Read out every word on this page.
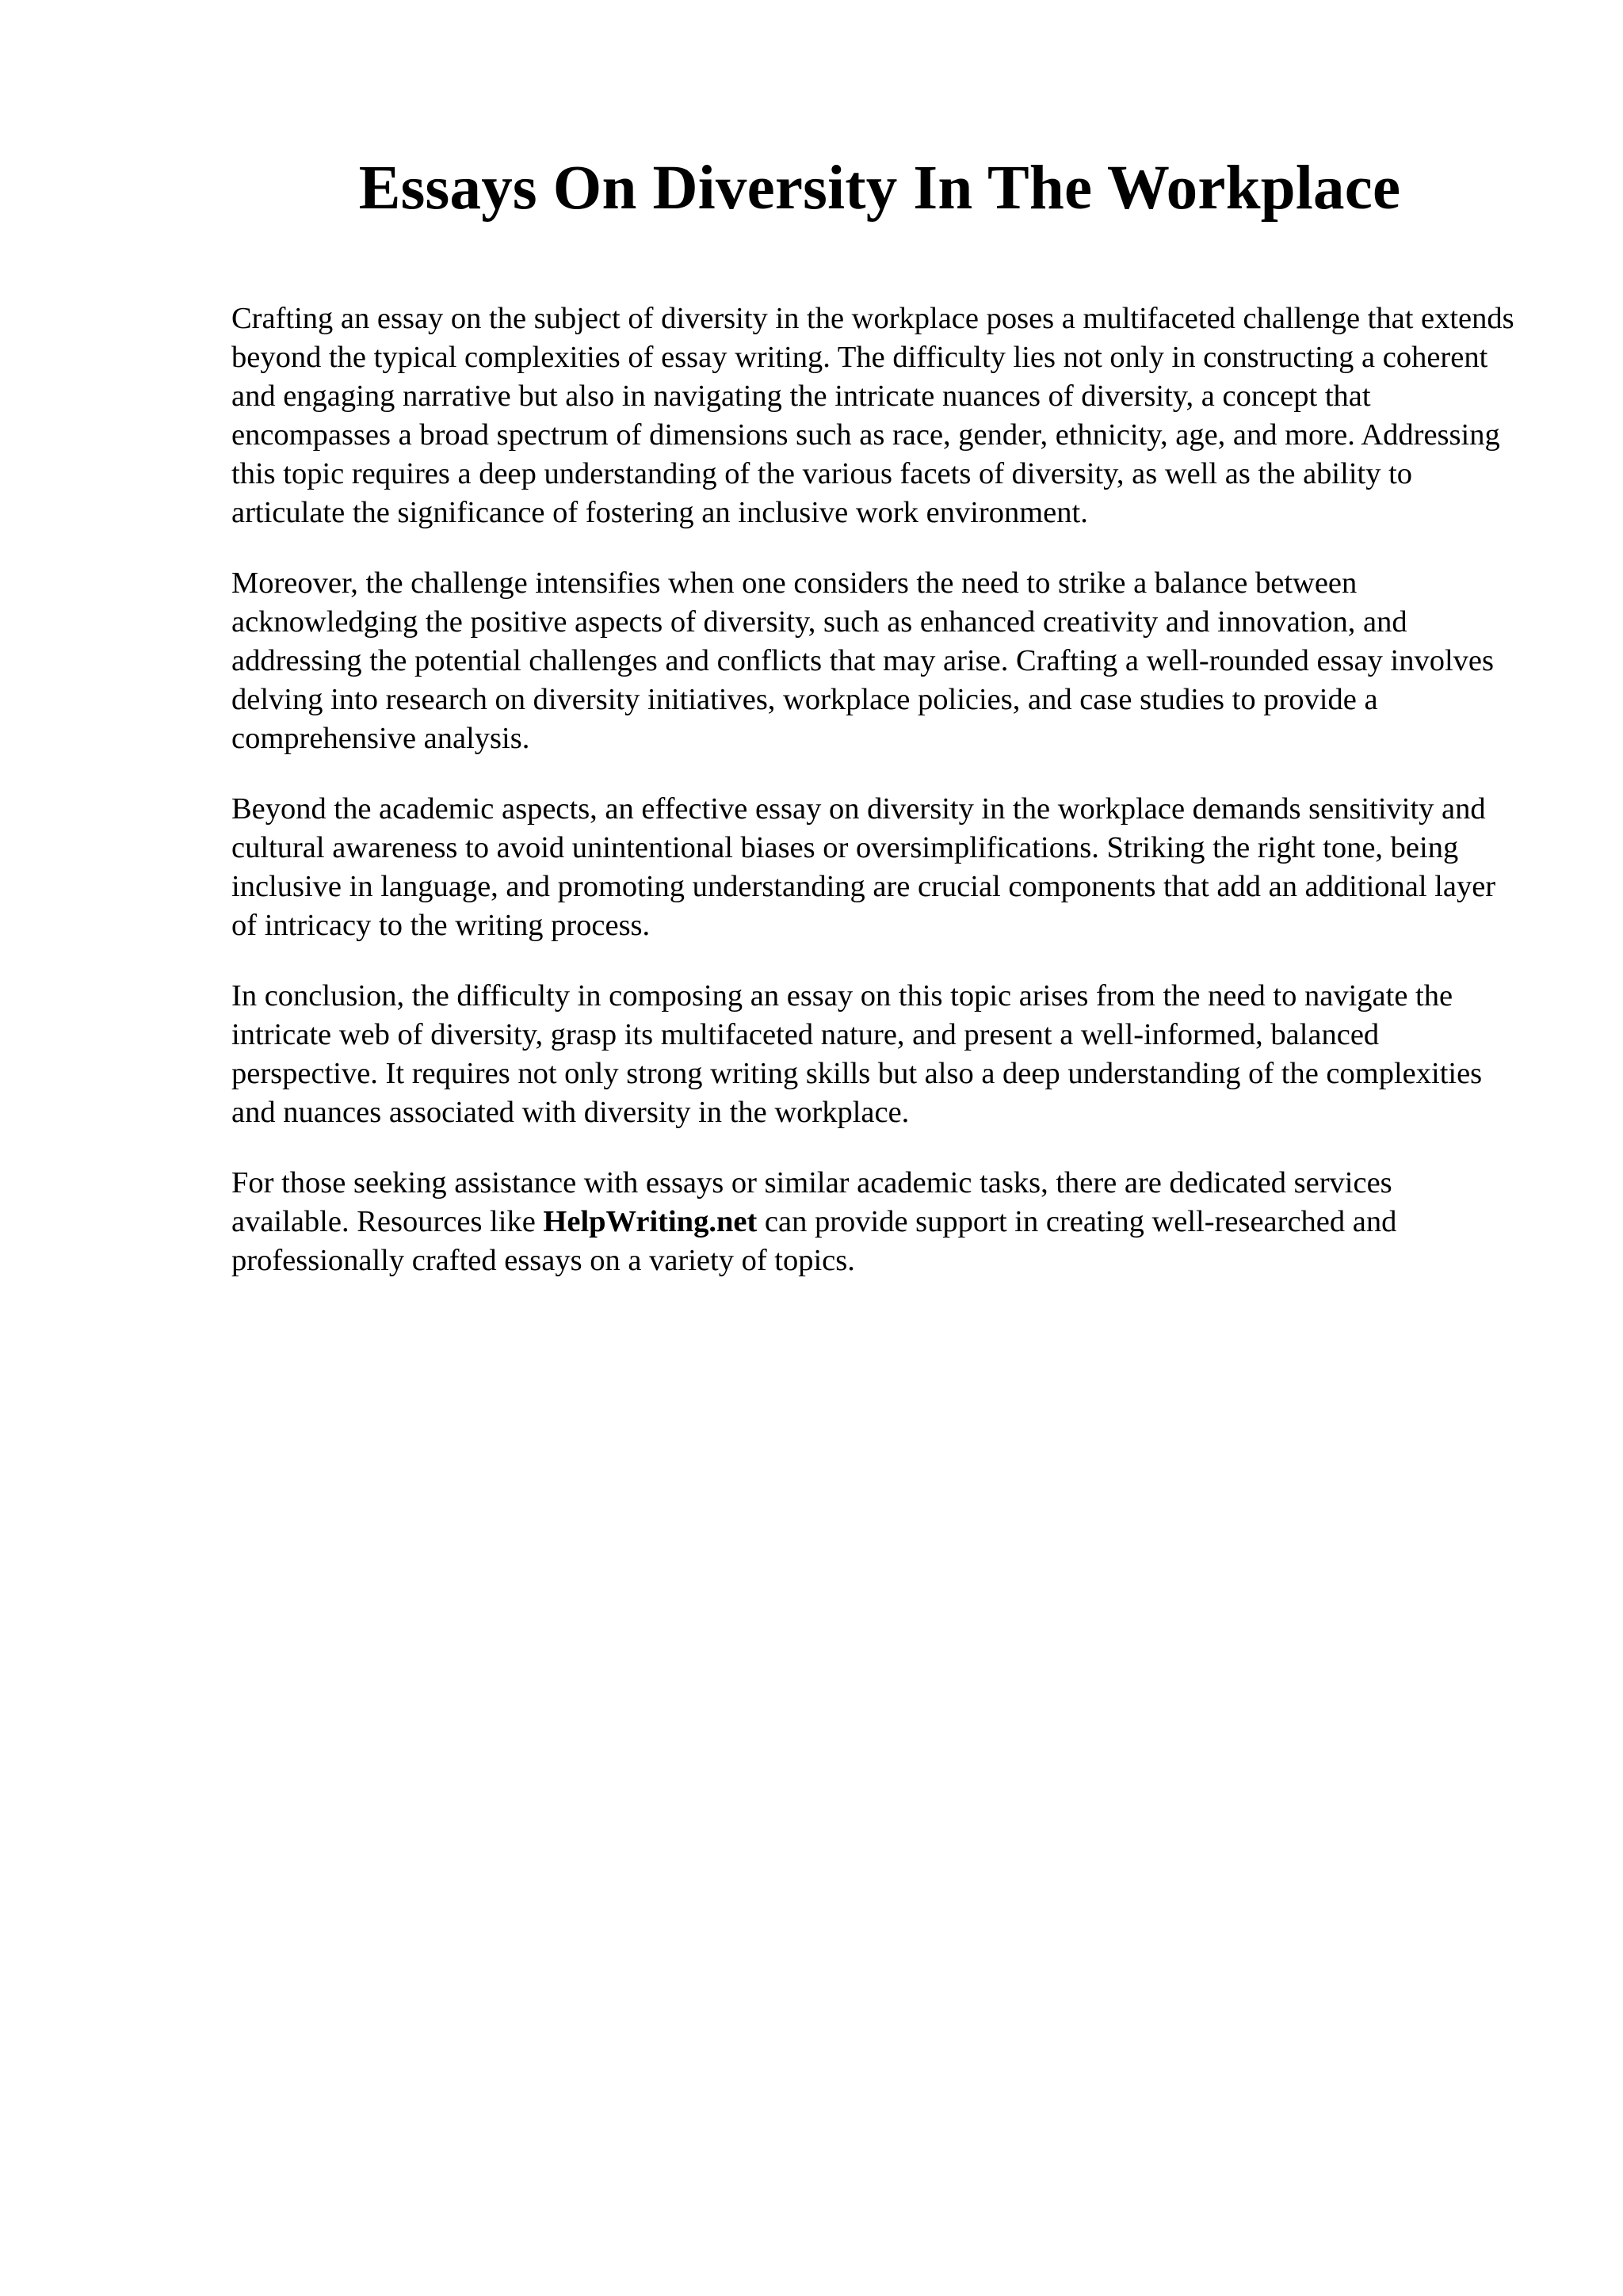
Essays On Diversity In The Workplace

Crafting an essay on the subject of diversity in the workplace poses a multifaceted challenge that extends beyond the typical complexities of essay writing. The difficulty lies not only in constructing a coherent and engaging narrative but also in navigating the intricate nuances of diversity, a concept that encompasses a broad spectrum of dimensions such as race, gender, ethnicity, age, and more. Addressing this topic requires a deep understanding of the various facets of diversity, as well as the ability to articulate the significance of fostering an inclusive work environment.

Moreover, the challenge intensifies when one considers the need to strike a balance between acknowledging the positive aspects of diversity, such as enhanced creativity and innovation, and addressing the potential challenges and conflicts that may arise. Crafting a well-rounded essay involves delving into research on diversity initiatives, workplace policies, and case studies to provide a comprehensive analysis.

Beyond the academic aspects, an effective essay on diversity in the workplace demands sensitivity and cultural awareness to avoid unintentional biases or oversimplifications. Striking the right tone, being inclusive in language, and promoting understanding are crucial components that add an additional layer of intricacy to the writing process.

In conclusion, the difficulty in composing an essay on this topic arises from the need to navigate the intricate web of diversity, grasp its multifaceted nature, and present a well-informed, balanced perspective. It requires not only strong writing skills but also a deep understanding of the complexities and nuances associated with diversity in the workplace.

For those seeking assistance with essays or similar academic tasks, there are dedicated services available. Resources like HelpWriting.net can provide support in creating well-researched and professionally crafted essays on a variety of topics.
